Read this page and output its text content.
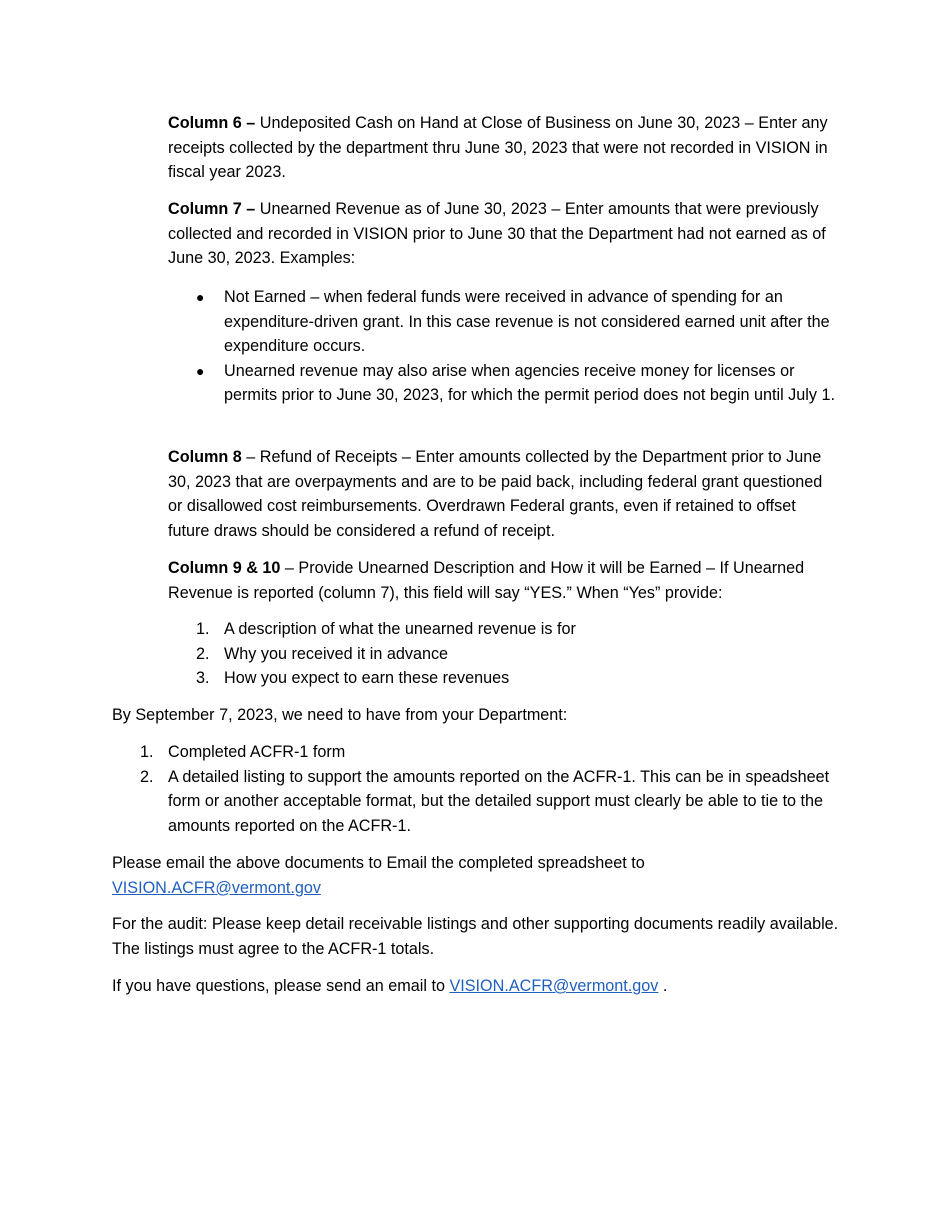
Column 6 – Undeposited Cash on Hand at Close of Business on June 30, 2023 – Enter any receipts collected by the department thru June 30, 2023 that were not recorded in VISION in fiscal year 2023.

Column 7 – Unearned Revenue as of June 30, 2023 – Enter amounts that were previously collected and recorded in VISION prior to June 30 that the Department had not earned as of June 30, 2023. Examples:

● Not Earned – when federal funds were received in advance of spending for an expenditure-driven grant. In this case revenue is not considered earned unit after the expenditure occurs.
● Unearned revenue may also arise when agencies receive money for licenses or permits prior to June 30, 2023, for which the permit period does not begin until July 1.

Column 8 – Refund of Receipts – Enter amounts collected by the Department prior to June 30, 2023 that are overpayments and are to be paid back, including federal grant questioned or disallowed cost reimbursements. Overdrawn Federal grants, even if retained to offset future draws should be considered a refund of receipt.

Column 9 & 10 – Provide Unearned Description and How it will be Earned – If Unearned Revenue is reported (column 7), this field will say “YES.” When “Yes” provide:

1. A description of what the unearned revenue is for
2. Why you received it in advance
3. How you expect to earn these revenues

By September 7, 2023, we need to have from your Department:

1. Completed ACFR-1 form
2. A detailed listing to support the amounts reported on the ACFR-1. This can be in speadsheet form or another acceptable format, but the detailed support must clearly be able to tie to the amounts reported on the ACFR-1.

Please email the above documents to Email the completed spreadsheet to
VISION.ACFR@vermont.gov

For the audit: Please keep detail receivable listings and other supporting documents readily available. The listings must agree to the ACFR-1 totals.

If you have questions, please send an email to VISION.ACFR@vermont.gov .
